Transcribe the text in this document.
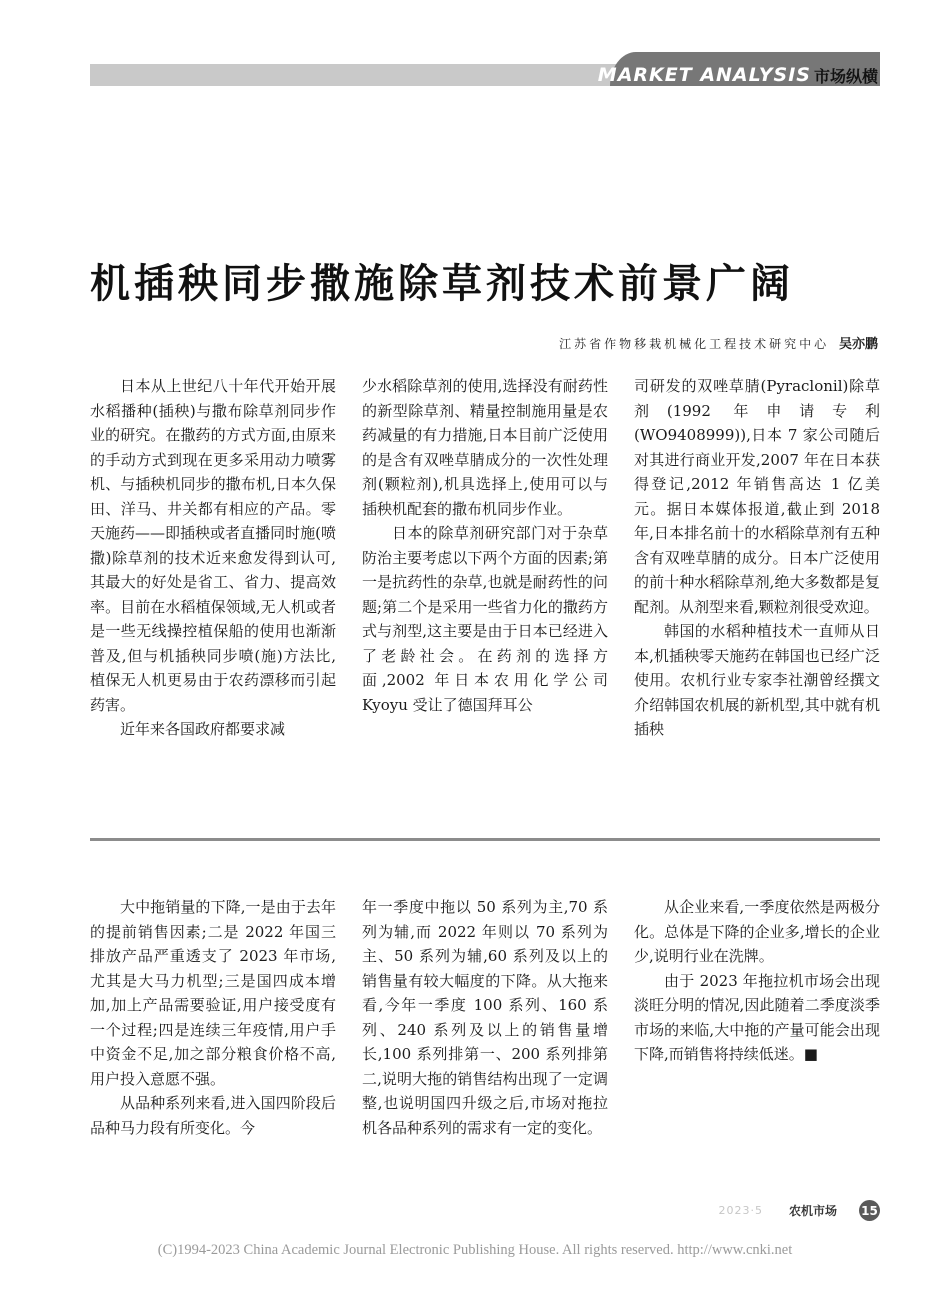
MARKET ANALYSIS 市场纵横
机插秧同步撒施除草剂技术前景广阔
江苏省作物移栽机械化工程技术研究中心 吴亦鹏

日本从上世纪八十年代开始开展水稻播种(插秧)与撒布除草剂同步作业的研究。在撒药的方式方面,由原来的手动方式到现在更多采用动力喷雾机、与插秧机同步的撒布机,日本久保田、洋马、井关都有相应的产品。零天施药——即插秧或者直播同时施(喷撒)除草剂的技术近来愈发得到认可,其最大的好处是省工、省力、提高效率。目前在水稻植保领域,无人机或者是一些无线操控植保船的使用也渐渐普及,但与机插秧同步喷(施)方法比,植保无人机更易由于农药漂移而引起药害。

近年来各国政府都要求减

少水稻除草剂的使用,选择没有耐药性的新型除草剂、精量控制施用量是农药减量的有力措施,日本目前广泛使用的是含有双唑草腈成分的一次性处理剂(颗粒剂),机具选择上,使用可以与插秧机配套的撒布机同步作业。

日本的除草剂研究部门对于杂草防治主要考虑以下两个方面的因素;第一是抗药性的杂草,也就是耐药性的问题;第二个是采用一些省力化的撒药方式与剂型,这主要是由于日本已经进入了老龄社会。在药剂的选择方面,2002 年日本农用化学公司 Kyoyu 受让了德国拜耳公

司研发的双唑草腈(Pyraclonil)除草剂(1992 年申请专利(WO9408999)),日本 7 家公司随后对其进行商业开发,2007 年在日本获得登记,2012 年销售高达 1 亿美元。据日本媒体报道,截止到 2018 年,日本排名前十的水稻除草剂有五种含有双唑草腈的成分。日本广泛使用的前十种水稻除草剂,绝大多数都是复配剂。从剂型来看,颗粒剂很受欢迎。

韩国的水稻种植技术一直师从日本,机插秧零天施药在韩国也已经广泛使用。农机行业专家李社潮曾经撰文介绍韩国农机展的新机型,其中就有机插秧

大中拖销量的下降,一是由于去年的提前销售因素;二是 2022 年国三排放产品严重透支了 2023 年市场,尤其是大马力机型;三是国四成本增加,加上产品需要验证,用户接受度有一个过程;四是连续三年疫情,用户手中资金不足,加之部分粮食价格不高,用户投入意愿不强。

从品种系列来看,进入国四阶段后品种马力段有所变化。今

年一季度中拖以 50 系列为主,70 系列为辅,而 2022 年则以 70 系列为主、50 系列为辅,60 系列及以上的销售量有较大幅度的下降。从大拖来看,今年一季度 100 系列、160 系列、240 系列及以上的销售量增长,100 系列排第一、200 系列排第二,说明大拖的销售结构出现了一定调整,也说明国四升级之后,市场对拖拉机各品种系列的需求有一定的变化。

从企业来看,一季度依然是两极分化。总体是下降的企业多,增长的企业少,说明行业在洗牌。

由于 2023 年拖拉机市场会出现淡旺分明的情况,因此随着二季度淡季市场的来临,大中拖的产量可能会出现下降,而销售将持续低迷。■

2023·5 农机市场 15
(C)1994-2023 China Academic Journal Electronic Publishing House. All rights reserved. http://www.cnki.net
